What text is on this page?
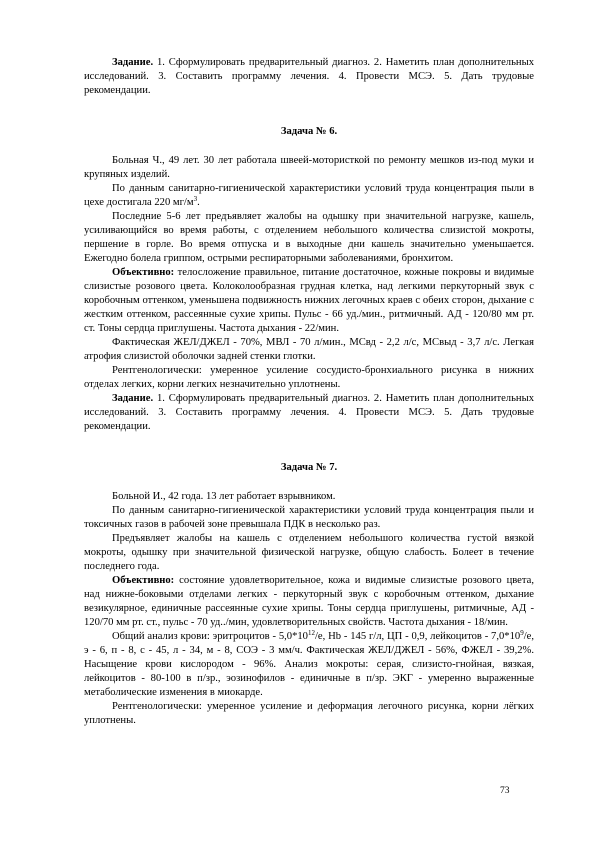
Задание. 1. Сформулировать предварительный диагноз. 2. Наметить план дополнительных исследований. 3. Составить программу лечения. 4. Провести МСЭ. 5. Дать трудовые рекомендации.

Задача № 6.

Больная Ч., 49 лет. 30 лет работала швеей-мотористкой по ремонту мешков из-под муки и крупяных изделий.

По данным санитарно-гигиенической характеристики условий труда концентрация пыли в цехе достигала 220 $мг/м^3$.

Последние 5-6 лет предъявляет жалобы на одышку при значительной нагрузке, кашель, усиливающийся во время работы, с отделением небольшого количества слизистой мокроты, першение в горле. Во время отпуска и в выходные дни кашель значительно уменьшается. Ежегодно болела гриппом, острыми респираторными заболеваниями, бронхитом.

Объективно: телосложение правильное, питание достаточное, кожные покровы и видимые слизистые розового цвета. Колоколообразная грудная клетка, над легкими перкуторный звук с коробочным оттенком, уменьшена подвижность нижних легочных краев с обеих сторон, дыхание с жестким оттенком, рассеянные сухие хрипы. Пульс - 66 уд./мин., ритмичный. АД - 120/80 мм рт. ст. Тоны сердца приглушены. Частота дыхания - 22/мин.

Фактическая ЖЕЛ/ДЖЕЛ - 70%, МВЛ - 70 л/мин., МСвд - 2,2 л/с, МСвыд - 3,7 л/с. Легкая атрофия слизистой оболочки задней стенки глотки.

Рентгенологически: умеренное усиление сосудисто-бронхиального рисунка в нижних отделах легких, корни легких незначительно уплотнены.

Задание. 1. Сформулировать предварительный диагноз. 2. Наметить план дополнительных исследований. 3. Составить программу лечения. 4. Провести МСЭ. 5. Дать трудовые рекомендации.

Задача № 7.

Больной И., 42 года. 13 лет работает взрывником.

По данным санитарно-гигиенической характеристики условий труда концентрация пыли и токсичных газов в рабочей зоне превышала ПДК в несколько раз.

Предъявляет жалобы на кашель с отделением небольшого количества густой вязкой мокроты, одышку при значительной физической нагрузке, общую слабость. Болеет в течение последнего года.

Объективно: состояние удовлетворительное, кожа и видимые слизистые розового цвета, над нижне-боковыми отделами легких - перкуторный звук с коробочным оттенком, дыхание везикулярное, единичные рассеянные сухие хрипы. Тоны сердца приглушены, ритмичные, АД - 120/70 мм рт. ст., пульс - 70 уд../мин, удовлетворительных свойств. Частота дыхания - 18/мин.

Общий анализ крови: эритроцитов - $5,0*10^{12}/е$, Hb - 145 г/л, ЦП - 0,9, лейкоцитов - $7,0*10^9/е$, э - 6, п - 8, с - 45, л - 34, м - 8, СОЭ - 3 мм/ч. Фактическая ЖЕЛ/ДЖЕЛ - 56%, ФЖЕЛ - 39,2%. Насыщение крови кислородом - 96%. Анализ мокроты: серая, слизисто-гнойная, вязкая, лейкоцитов - 80-100 в п/зр., эозинофилов - единичные в п/зр. ЭКГ - умеренно выраженные метаболические изменения в миокарде.

Рентгенологически: умеренное усиление и деформация легочного рисунка, корни лёгких уплотнены.

73
